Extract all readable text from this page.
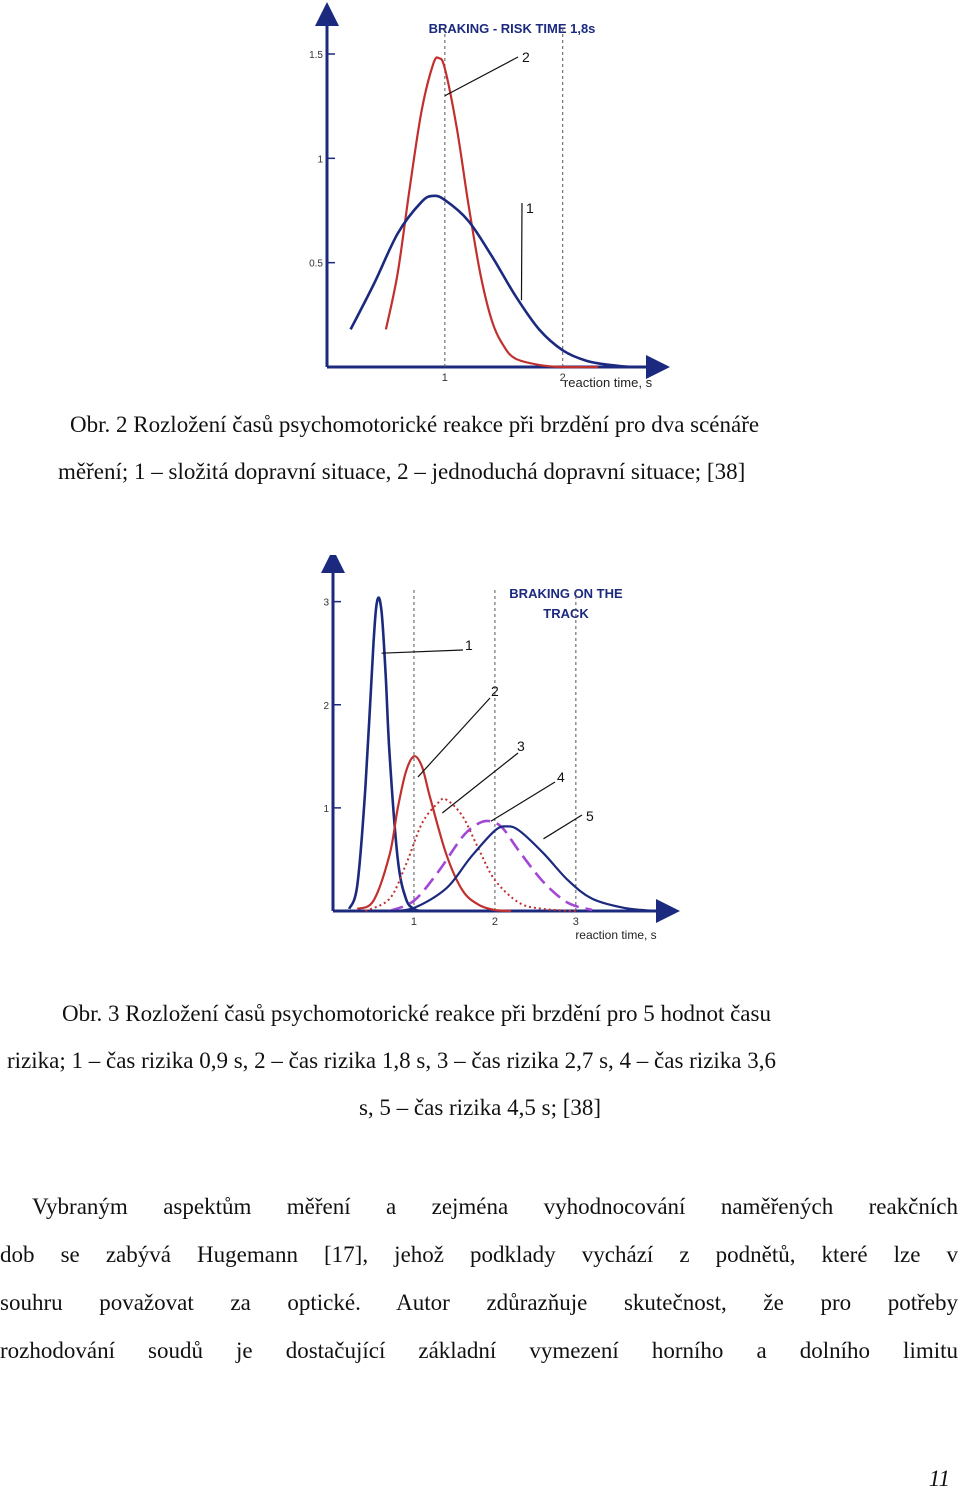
BRAKING - RISK TIME 1,8s
reaction time, s
1	2
1.5
1
0.5
2
1
Obr. 2 Rozložení časů psychomotorické reakce při brzdění pro dva scénáře
měření; 1 – složitá dopravní situace, 2 – jednoduchá dopravní situace; [38]
BRAKING ON THE
TRACK
reaction time, s
1	2	3
3
2
1
1
2
3
4
5
Obr. 3 Rozložení časů psychomotorické reakce při brzdění pro 5 hodnot času
rizika; 1 – čas rizika 0,9 s, 2 – čas rizika 1,8 s, 3 – čas rizika 2,7 s, 4 – čas rizika 3,6
s, 5 – čas rizika 4,5 s; [38]
Vybraným aspektům měření a zejména vyhodnocování naměřených reakčních
dob se zabývá Hugemann [17], jehož podklady vychází z podnětů, které lze v
souhru považovat za optické. Autor zdůrazňuje skutečnost, že pro potřeby
rozhodování soudů je dostačující základní vymezení horního a dolního limitu
11
